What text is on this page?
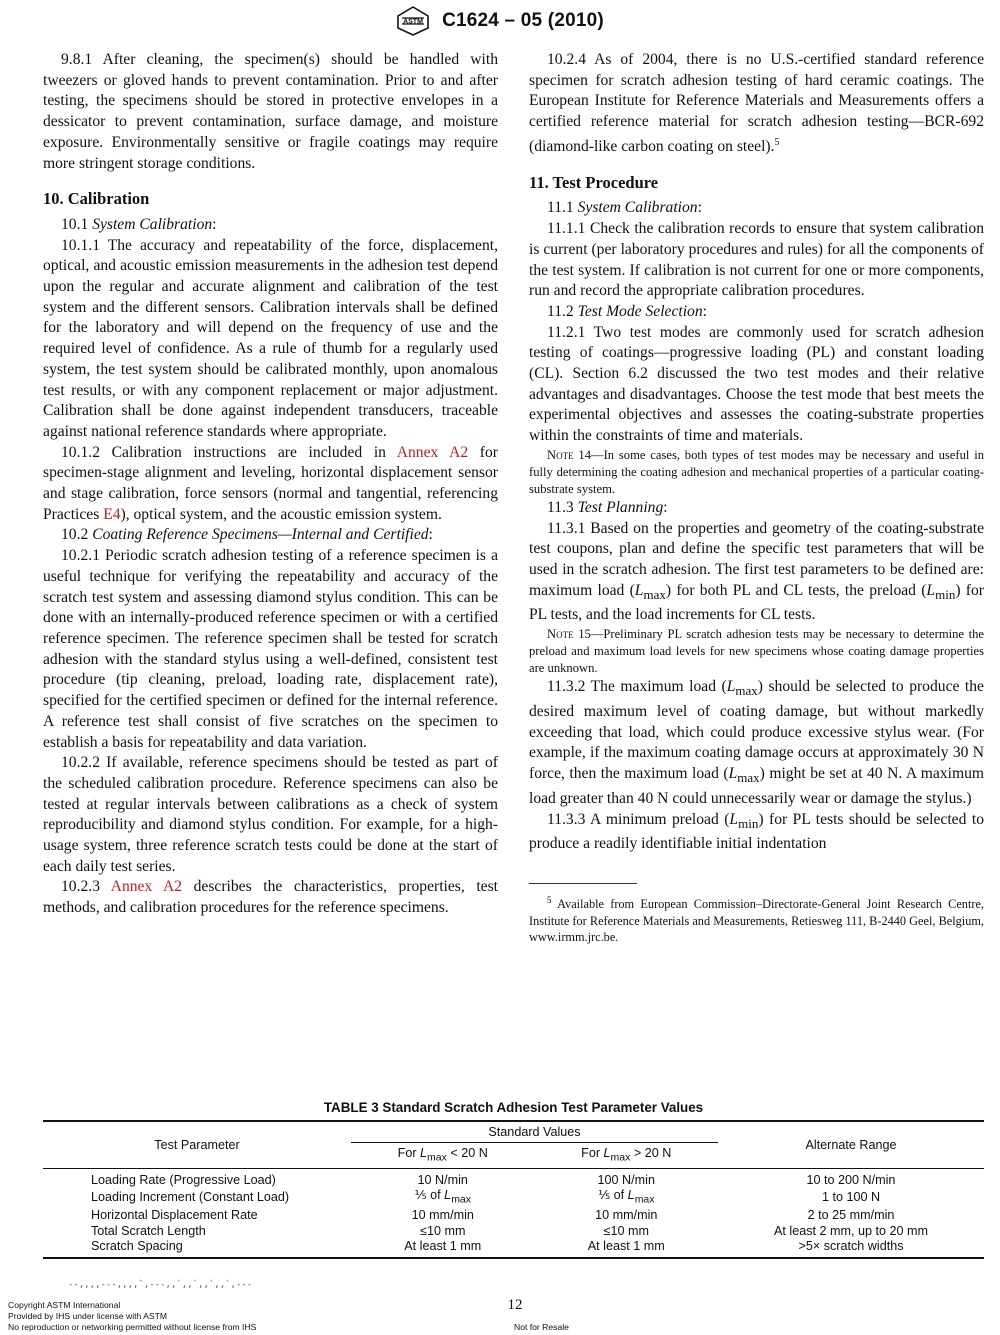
ASTM C1624 – 05 (2010)

9.8.1 After cleaning, the specimen(s) should be handled with tweezers or gloved hands to prevent contamination. Prior to and after testing, the specimens should be stored in protective envelopes in a dessicator to prevent contamination, surface damage, and moisture exposure. Environmentally sensitive or fragile coatings may require more stringent storage conditions.

10. Calibration

10.1 System Calibration:

10.1.1 The accuracy and repeatability of the force, displacement, optical, and acoustic emission measurements in the adhesion test depend upon the regular and accurate alignment and calibration of the test system and the different sensors. Calibration intervals shall be defined for the laboratory and will depend on the frequency of use and the required level of confidence. As a rule of thumb for a regularly used system, the test system should be calibrated monthly, upon anomalous test results, or with any component replacement or major adjustment. Calibration shall be done against independent transducers, traceable against national reference standards where appropriate.

10.1.2 Calibration instructions are included in Annex A2 for specimen-stage alignment and leveling, horizontal displacement sensor and stage calibration, force sensors (normal and tangential, referencing Practices E4), optical system, and the acoustic emission system.

10.2 Coating Reference Specimens—Internal and Certified:

10.2.1 Periodic scratch adhesion testing of a reference specimen is a useful technique for verifying the repeatability and accuracy of the scratch test system and assessing diamond stylus condition. This can be done with an internally-produced reference specimen or with a certified reference specimen. The reference specimen shall be tested for scratch adhesion with the standard stylus using a well-defined, consistent test procedure (tip cleaning, preload, loading rate, displacement rate), specified for the certified specimen or defined for the internal reference. A reference test shall consist of five scratches on the specimen to establish a basis for repeatability and data variation.

10.2.2 If available, reference specimens should be tested as part of the scheduled calibration procedure. Reference specimens can also be tested at regular intervals between calibrations as a check of system reproducibility and diamond stylus condition. For example, for a high-usage system, three reference scratch tests could be done at the start of each daily test series.

10.2.3 Annex A2 describes the characteristics, properties, test methods, and calibration procedures for the reference specimens.

10.2.4 As of 2004, there is no U.S.-certified standard reference specimen for scratch adhesion testing of hard ceramic coatings. The European Institute for Reference Materials and Measurements offers a certified reference material for scratch adhesion testing—BCR-692 (diamond-like carbon coating on steel).$^5$

11. Test Procedure

11.1 System Calibration:

11.1.1 Check the calibration records to ensure that system calibration is current (per laboratory procedures and rules) for all the components of the test system. If calibration is not current for one or more components, run and record the appropriate calibration procedures.

11.2 Test Mode Selection:

11.2.1 Two test modes are commonly used for scratch adhesion testing of coatings—progressive loading (PL) and constant loading (CL). Section 6.2 discussed the two test modes and their relative advantages and disadvantages. Choose the test mode that best meets the experimental objectives and assesses the coating-substrate properties within the constraints of time and materials.

Note 14—In some cases, both types of test modes may be necessary and useful in fully determining the coating adhesion and mechanical properties of a particular coating-substrate system.

11.3 Test Planning:

11.3.1 Based on the properties and geometry of the coating-substrate test coupons, plan and define the specific test parameters that will be used in the scratch adhesion. The first test parameters to be defined are: maximum load $(L_{max})$ for both PL and CL tests, the preload $(L_{min})$ for PL tests, and the load increments for CL tests.

Note 15—Preliminary PL scratch adhesion tests may be necessary to determine the preload and maximum load levels for new specimens whose coating damage properties are unknown.

11.3.2 The maximum load $(L_{max})$ should be selected to produce the desired maximum level of coating damage, but without markedly exceeding that load, which could produce excessive stylus wear. (For example, if the maximum coating damage occurs at approximately 30 N force, then the maximum load $(L_{max})$ might be set at 40 N. A maximum load greater than 40 N could unnecessarily wear or damage the stylus.)

11.3.3 A minimum preload $(L_{min})$ for PL tests should be selected to produce a readily identifiable initial indentation

$^5$ Available from European Commission–Directorate-General Joint Research Centre, Institute for Reference Materials and Measurements, Retiesweg 111, B-2440 Geel, Belgium, www.irmm.jrc.be.

TABLE 3 Standard Scratch Adhesion Test Parameter Values
Test Parameter	Standard Values		Alternate Range
	For $L_{max} < 20$ N	For $L_{max} > 20$ N	
Loading Rate (Progressive Load)	10 N/min	100 N/min	10 to 200 N/min
Loading Increment (Constant Load)	⅕ of $L_{max}$	⅕ of $L_{max}$	1 to 100 N
Horizontal Displacement Rate	10 mm/min	10 mm/min	2 to 25 mm/min
Total Scratch Length	≤10 mm	≤10 mm	At least 2 mm, up to 20 mm
Scratch Spacing	At least 1 mm	At least 1 mm	>5× scratch widths
--,,,,---,,,,`,---,,`,,`,,`,,`,---
12
Copyright ASTM International
Provided by IHS under license with ASTM
No reproduction or networking permitted without license from IHS	Not for Resale
